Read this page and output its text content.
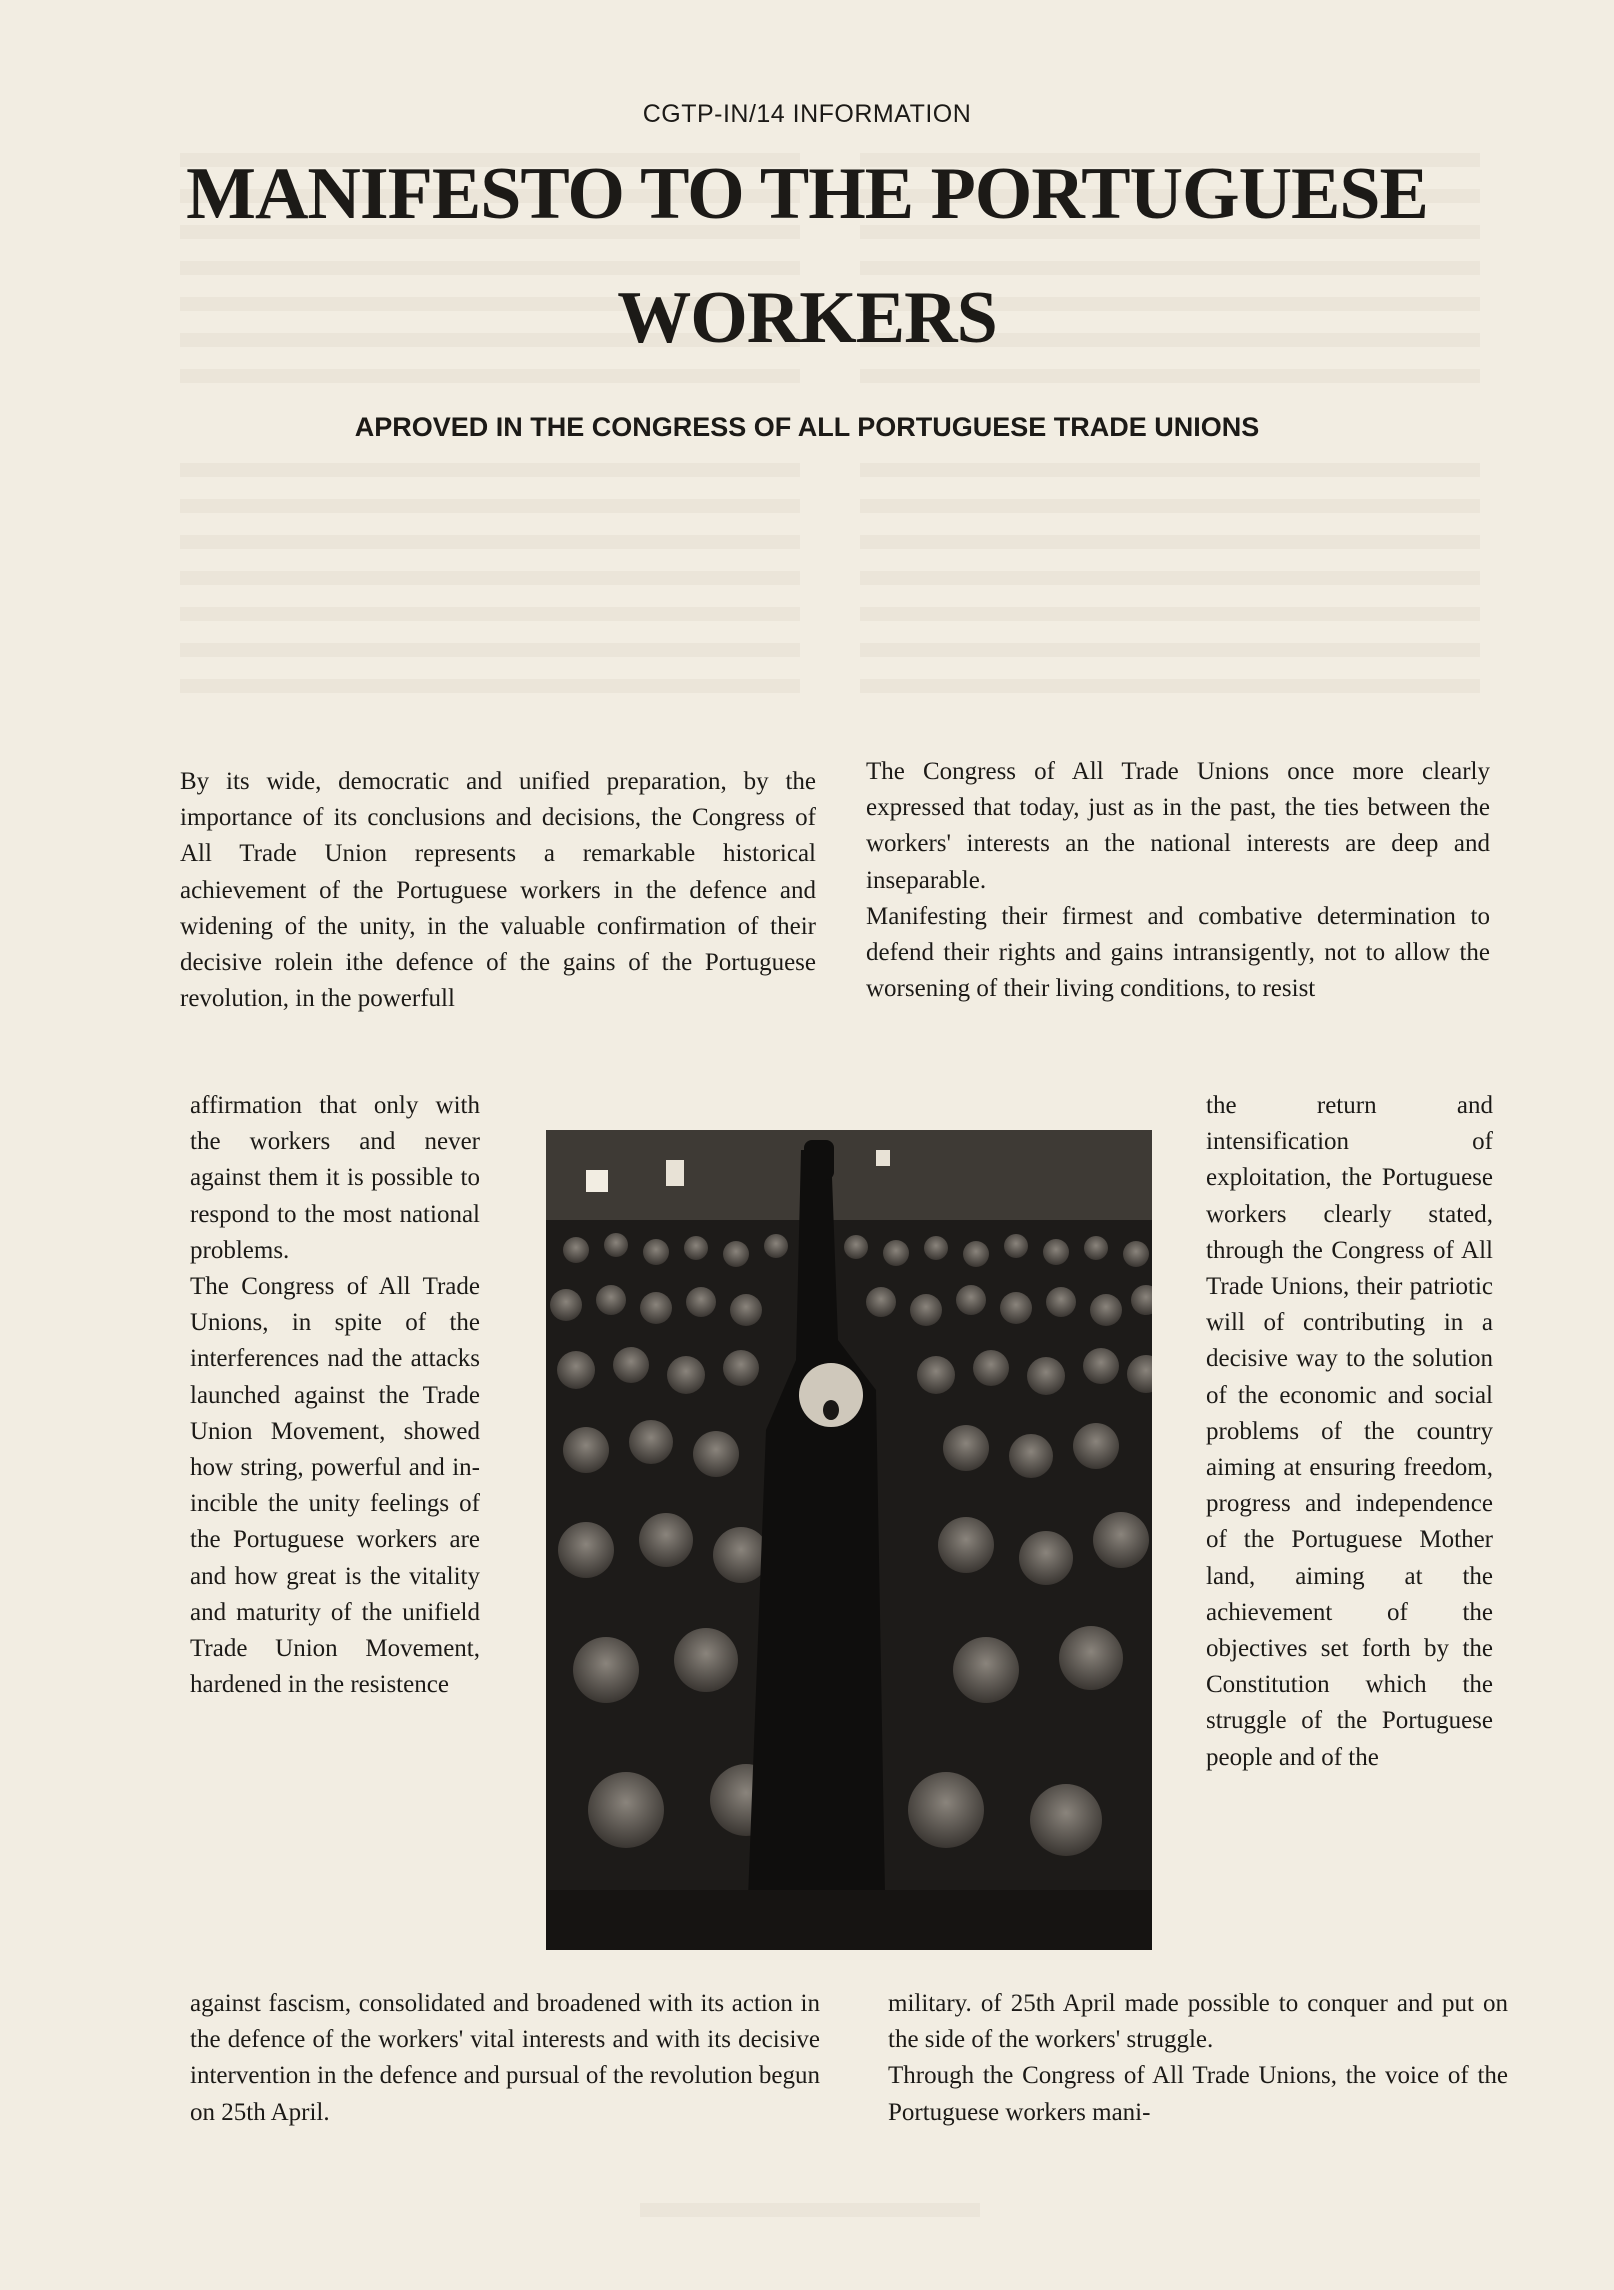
CGTP-IN/14 INFORMATION
MANIFESTO TO THE PORTUGUESE WORKERS
APROVED IN THE CONGRESS OF ALL PORTUGUESE TRADE UNIONS

By its wide, democratic and unified preparation, by the importance of its conclusions and decisions, the Congress of All Trade Union represents a remarkable historical achievement of the Portuguese workers in the defence and widening of the unity, in the valuable confirmation of their decisive rolein ithe defence of the gains of the Portuguese revolution, in the powerfull

affirmation that only with the workers and never against them it is possible to respond to the most national problems.

The Congress of All Trade Unions, in spite of the interferences nad the attacks launched against the Trade Union Movement, showed how string, powerful and in-incible the unity feelings of the Portuguese workers are and how great is the vitality and maturity of the unifield Trade Union Movement, hardened in the resistence

against fascism, consolidated and broadened with its action in the defence of the workers' vital interests and with its decisive intervention in the defence and pursual of the revolution begun on 25th April.

The Congress of All Trade Unions once more clearly expressed that today, just as in the past, the ties between the workers' interests an the national interests are deep and inseparable.

Manifesting their firmest and combative determination to defend their rights and gains intransigently, not to allow the worsening of their living conditions, to resist

the return and intensification of exploitation, the Portuguese workers clearly stated, through the Congress of All Trade Unions, their patriotic will of contributing in a decisive way to the solution of the economic and social problems of the country aiming at ensuring freedom, progress and independence of the Portuguese Mother land, aiming at the achievement of the objectives set forth by the Constitution which the struggle of the Portuguese people and of the

military. of 25th April made possible to conquer and put on the side of the workers' struggle.

Through the Congress of All Trade Unions, the voice of the Portuguese workers mani-
